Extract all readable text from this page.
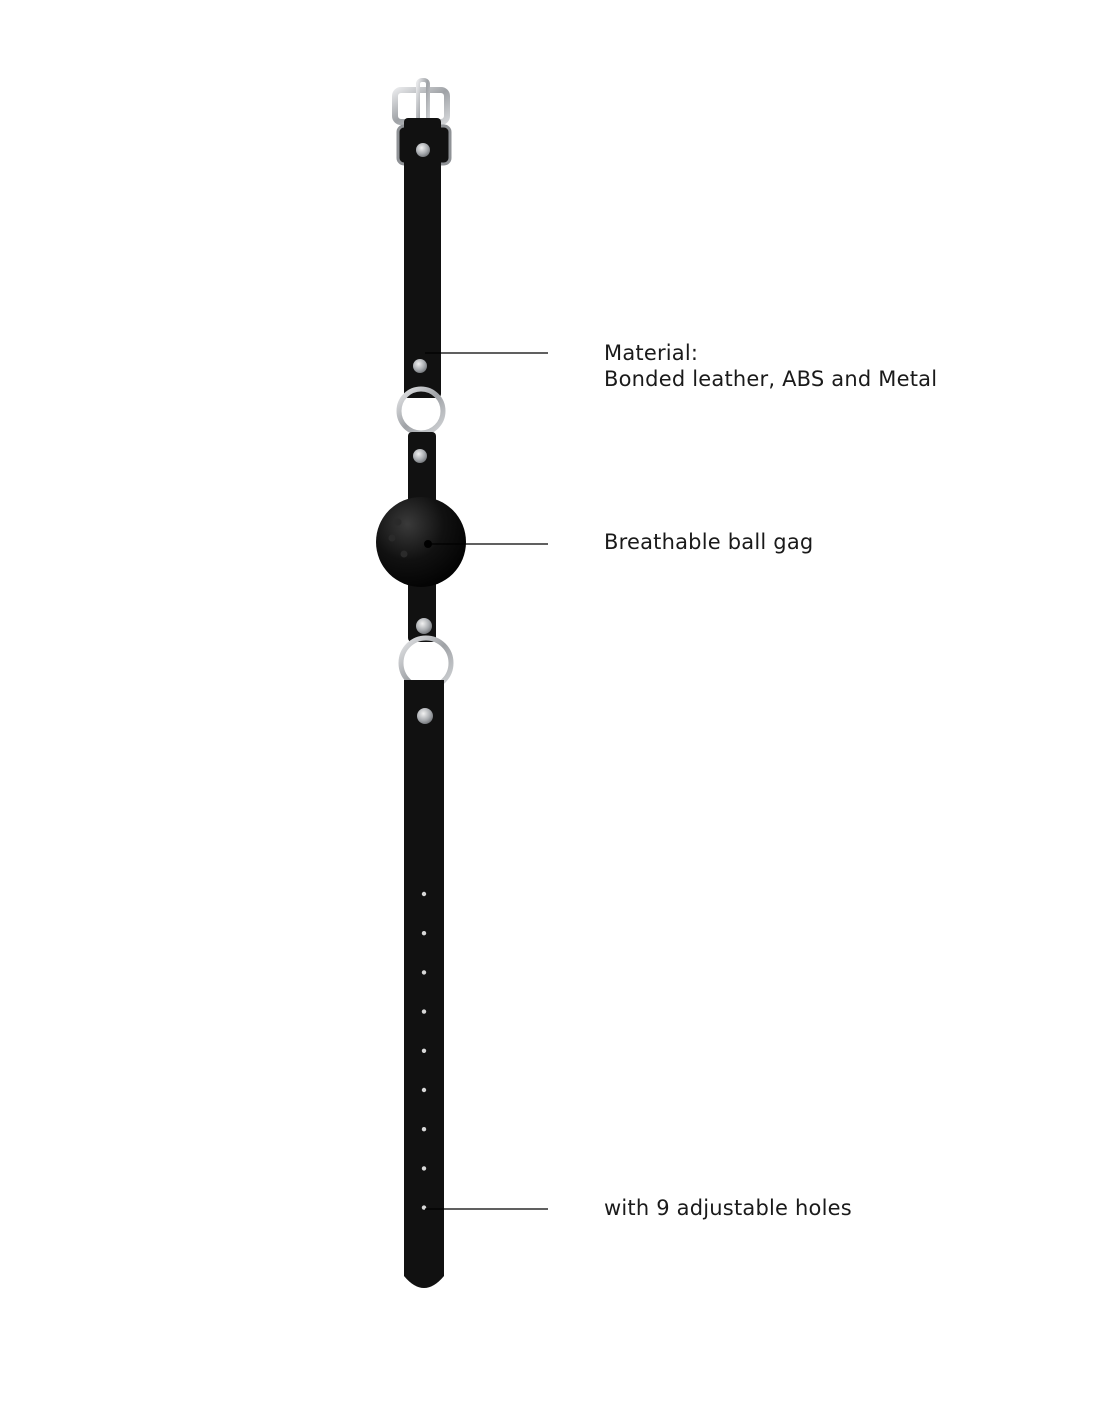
Material:
Bonded leather, ABS and Metal
Breathable ball gag
with 9 adjustable holes
